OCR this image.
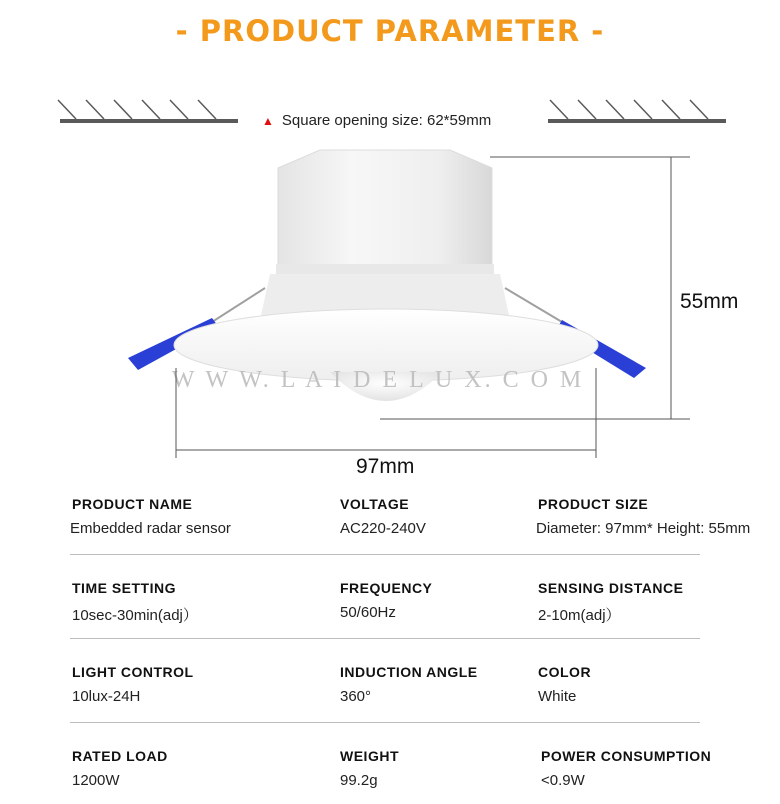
- PRODUCT PARAMETER -
W W W. L A I D E L U X. C O M
▲ Square opening size: 62*59mm
55mm
97mm
PRODUCT NAME
Embedded radar sensor
VOLTAGE
AC220-240V
PRODUCT SIZE
Diameter: 97mm* Height: 55mm
TIME SETTING
10sec-30min(adj）
FREQUENCY
50/60Hz
SENSING DISTANCE
2-10m(adj）
LIGHT CONTROL
10lux-24H
INDUCTION ANGLE
360°
COLOR
White
RATED LOAD
1200W
WEIGHT
99.2g
POWER CONSUMPTION
<0.9W
